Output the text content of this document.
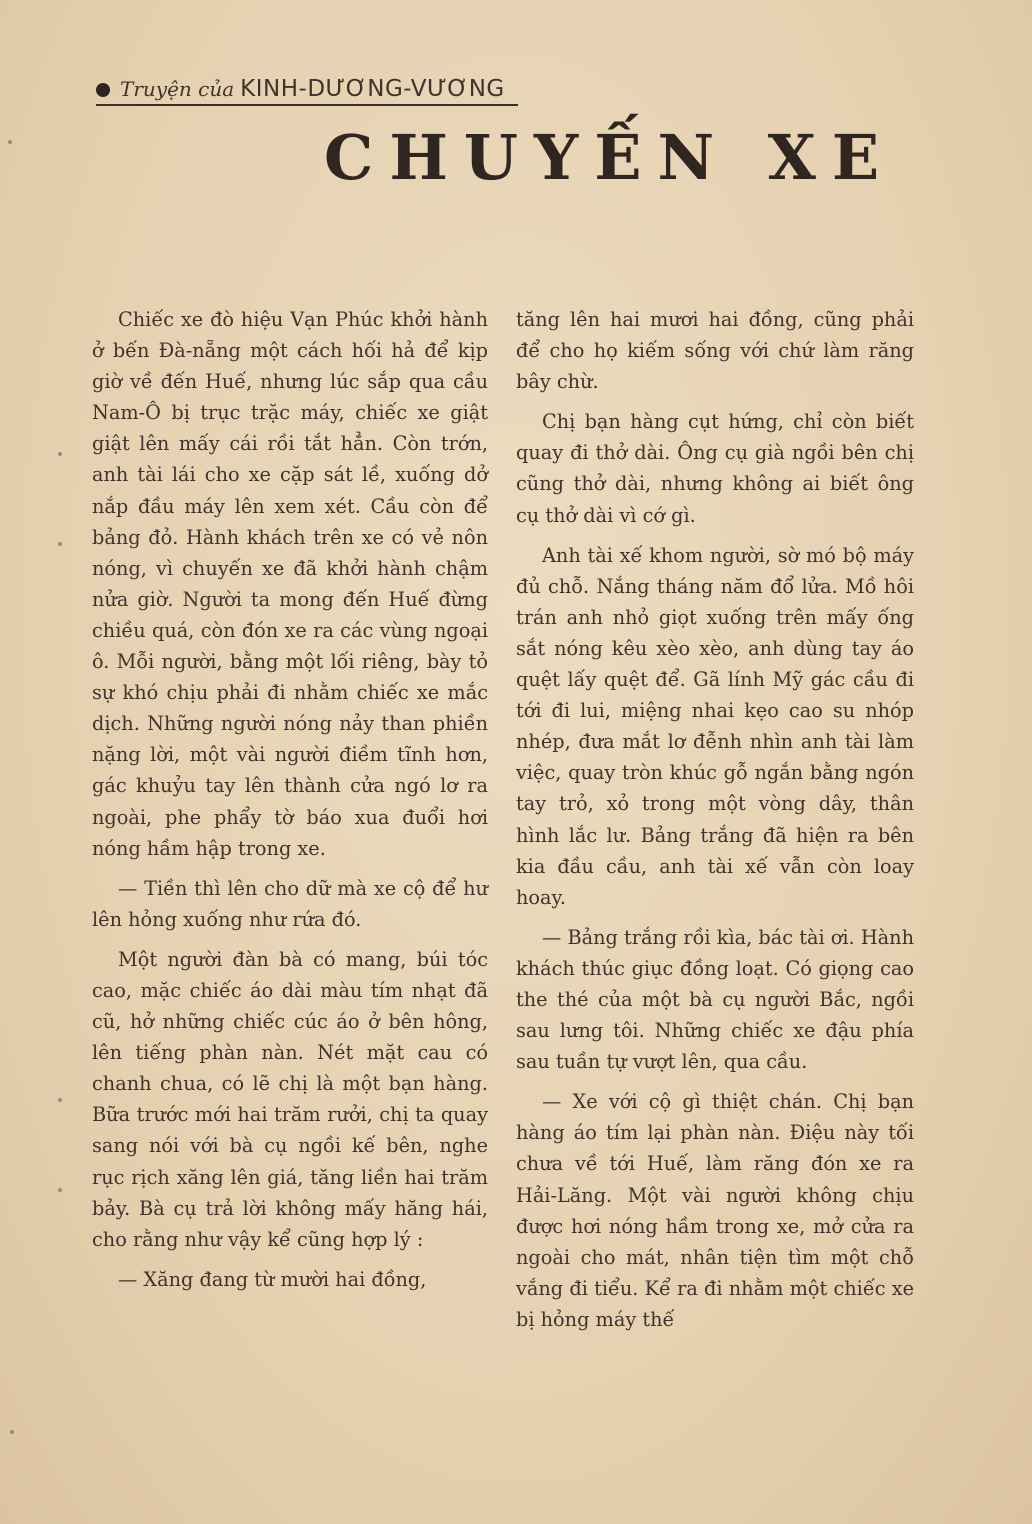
Truyện của KINH-DƯƠNG-VƯƠNG
CHUYẾN XE

Chiếc xe đò hiệu Vạn Phúc khởi hành ở bến Đà-nẵng một cách hối hả để kịp giờ về đến Huế, nhưng lúc sắp qua cầu Nam-Ô bị trục trặc máy, chiếc xe giật giật lên mấy cái rồi tắt hẳn. Còn trớn, anh tài lái cho xe cặp sát lề, xuống dở nắp đầu máy lên xem xét. Cầu còn để bảng đỏ. Hành khách trên xe có vẻ nôn nóng, vì chuyến xe đã khởi hành chậm nửa giờ. Người ta mong đến Huế đừng chiều quá, còn đón xe ra các vùng ngoại ô. Mỗi người, bằng một lối riêng, bày tỏ sự khó chịu phải đi nhằm chiếc xe mắc dịch. Những người nóng nảy than phiền nặng lời, một vài người điềm tĩnh hơn, gác khuỷu tay lên thành cửa ngó lơ ra ngoài, phe phẩy tờ báo xua đuổi hơi nóng hầm hập trong xe.

— Tiền thì lên cho dữ mà xe cộ để hư lên hỏng xuống như rứa đó.

Một người đàn bà có mang, búi tóc cao, mặc chiếc áo dài màu tím nhạt đã cũ, hở những chiếc cúc áo ở bên hông, lên tiếng phàn nàn. Nét mặt cau có chanh chua, có lẽ chị là một bạn hàng. Bữa trước mới hai trăm rưởi, chị ta quay sang nói với bà cụ ngồi kế bên, nghe rục rịch xăng lên giá, tăng liền hai trăm bảy. Bà cụ trả lời không mấy hăng hái, cho rằng như vậy kể cũng hợp lý :

— Xăng đang từ mười hai đồng,

tăng lên hai mươi hai đồng, cũng phải để cho họ kiếm sống với chứ làm răng bây chừ.

Chị bạn hàng cụt hứng, chỉ còn biết quay đi thở dài. Ông cụ già ngồi bên chị cũng thở dài, nhưng không ai biết ông cụ thở dài vì cớ gì.

Anh tài xế khom người, sờ mó bộ máy đủ chỗ. Nắng tháng năm đổ lửa. Mồ hôi trán anh nhỏ giọt xuống trên mấy ống sắt nóng kêu xèo xèo, anh dùng tay áo quệt lấy quệt để. Gã lính Mỹ gác cầu đi tới đi lui, miệng nhai kẹo cao su nhóp nhép, đưa mắt lơ đễnh nhìn anh tài làm việc, quay tròn khúc gỗ ngắn bằng ngón tay trỏ, xỏ trong một vòng dây, thân hình lắc lư. Bảng trắng đã hiện ra bên kia đầu cầu, anh tài xế vẫn còn loay hoay.

— Bảng trắng rồi kìa, bác tài ơi. Hành khách thúc giục đồng loạt. Có giọng cao the thé của một bà cụ người Bắc, ngồi sau lưng tôi. Những chiếc xe đậu phía sau tuần tự vượt lên, qua cầu.

— Xe với cộ gì thiệt chán. Chị bạn hàng áo tím lại phàn nàn. Điệu này tối chưa về tới Huế, làm răng đón xe ra Hải-Lăng. Một vài người không chịu được hơi nóng hầm trong xe, mở cửa ra ngoài cho mát, nhân tiện tìm một chỗ vắng đi tiểu. Kể ra đi nhằm một chiếc xe bị hỏng máy thế
